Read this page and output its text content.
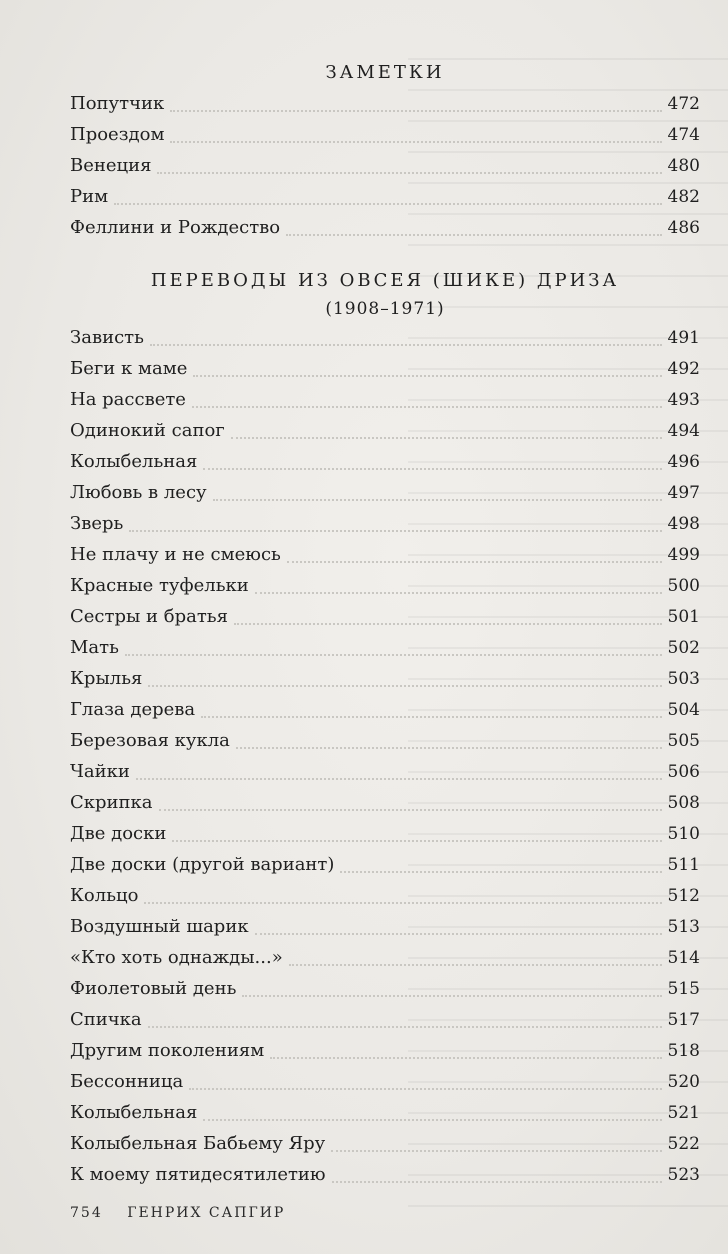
ЗАМЕТКИ
Попутчик	472
Проездом	474
Венеция	480
Рим	482
Феллини и Рождество	486
ПЕРЕВОДЫ ИЗ ОВСЕЯ (ШИКЕ) ДРИЗА
(1908–1971)
Зависть	491
Беги к маме	492
На рассвете	493
Одинокий сапог	494
Колыбельная	496
Любовь в лесу	497
Зверь	498
Не плачу и не смеюсь	499
Красные туфельки	500
Сестры и братья	501
Мать	502
Крылья	503
Глаза дерева	504
Березовая кукла	505
Чайки	506
Скрипка	508
Две доски	510
Две доски (другой вариант)	511
Кольцо	512
Воздушный шарик	513
«Кто хоть однажды...»	514
Фиолетовый день	515
Спичка	517
Другим поколениям	518
Бессонница	520
Колыбельная	521
Колыбельная Бабьему Яру	522
К моему пятидесятилетию	523
754 ГЕНРИХ САПГИР
